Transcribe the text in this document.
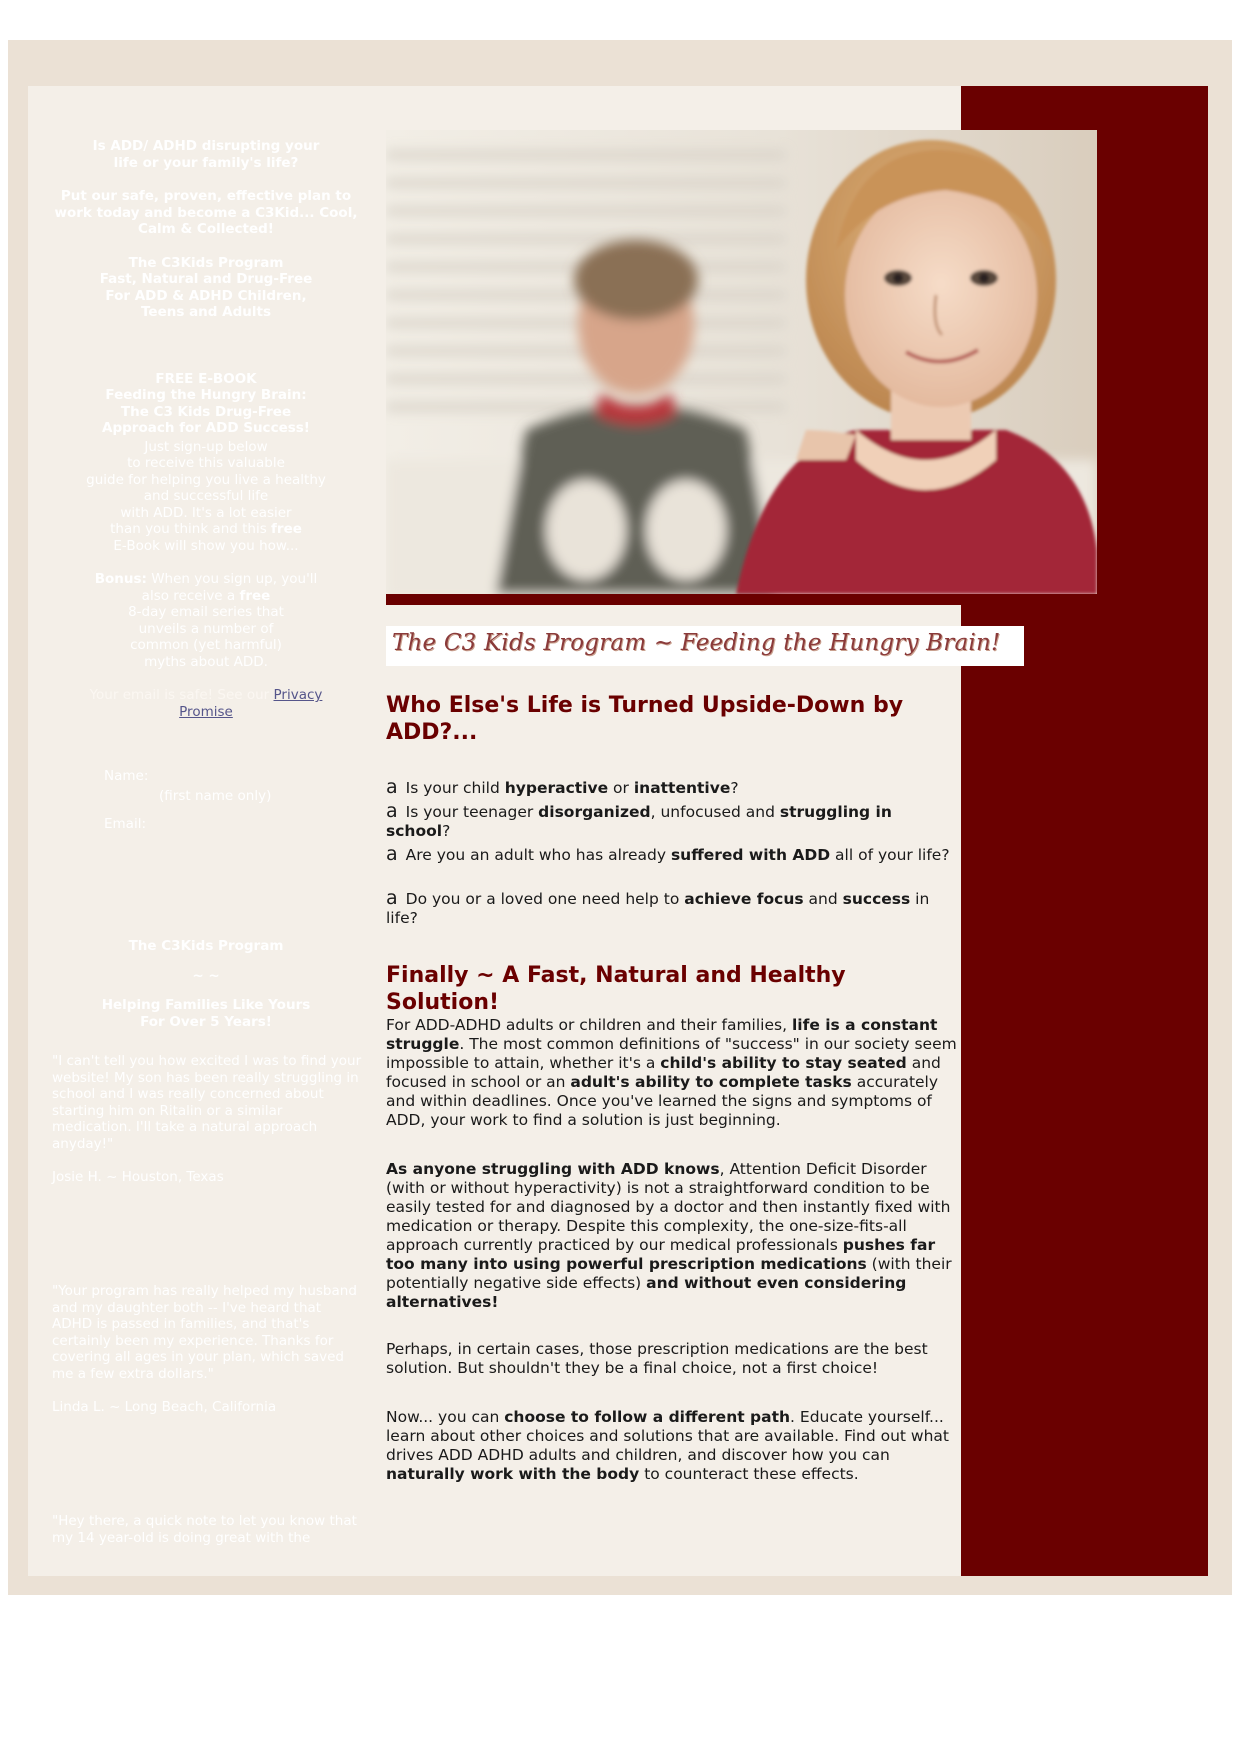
Is ADD/ ADHD disrupting your
life or your family's life?
Put our safe, proven, effective plan to
work today and become a C3Kid... Cool,
Calm & Collected!
The C3Kids Program
Fast, Natural and Drug-Free
For ADD & ADHD Children,
Teens and Adults
FREE E-BOOK
Feeding the Hungry Brain:
The C3 Kids Drug-Free
Approach for ADD Success!
Just sign-up below
to receive this valuable
guide for helping you live a healthy
and successful life
with ADD. It's a lot easier
than you think and this free
E-Book will show you how...
Bonus: When you sign up, you'll
also receive a free
8-day email series that
unveils a number of
common (yet harmful)
myths about ADD.
Your email is safe! See our Privacy
Promise
Name:
(first name only)
Email:
The C3Kids Program
~ ~
Helping Families Like Yours
For Over 5 Years!
"I can't tell you how excited I was to find your website! My son has been really struggling in school and I was really concerned about starting him on Ritalin or a similar medication. I'll take a natural approach anyday!"
Josie H. ~ Houston, Texas
"Your program has really helped my husband and my daughter both -- I've heard that ADHD is passed in families, and that's certainly been my experience. Thanks for covering all ages in your plan, which saved me a few extra dollars."
Linda L. ~ Long Beach, California
"Hey there, a quick note to let you know that my 14 year-old is doing great with the
The C3 Kids Program ~ Feeding the Hungry Brain!
Who Else's Life is Turned Upside-Down by ADD?...
a Is your child hyperactive or inattentive?
a Is your teenager disorganized, unfocused and struggling in school?
a Are you an adult who has already suffered with ADD all of your life?
a Do you or a loved one need help to achieve focus and success in life?
Finally ~ A Fast, Natural and Healthy Solution!
For ADD-ADHD adults or children and their families, life is a constant struggle. The most common definitions of "success" in our society seem impossible to attain, whether it's a child's ability to stay seated and focused in school or an adult's ability to complete tasks accurately and within deadlines. Once you've learned the signs and symptoms of ADD, your work to find a solution is just beginning.
As anyone struggling with ADD knows, Attention Deficit Disorder (with or without hyperactivity) is not a straightforward condition to be easily tested for and diagnosed by a doctor and then instantly fixed with medication or therapy. Despite this complexity, the one-size-fits-all approach currently practiced by our medical professionals pushes far too many into using powerful prescription medications (with their potentially negative side effects) and without even considering alternatives!
Perhaps, in certain cases, those prescription medications are the best solution. But shouldn't they be a final choice, not a first choice!
Now... you can choose to follow a different path. Educate yourself... learn about other choices and solutions that are available. Find out what drives ADD ADHD adults and children, and discover how you can naturally work with the body to counteract these effects.
